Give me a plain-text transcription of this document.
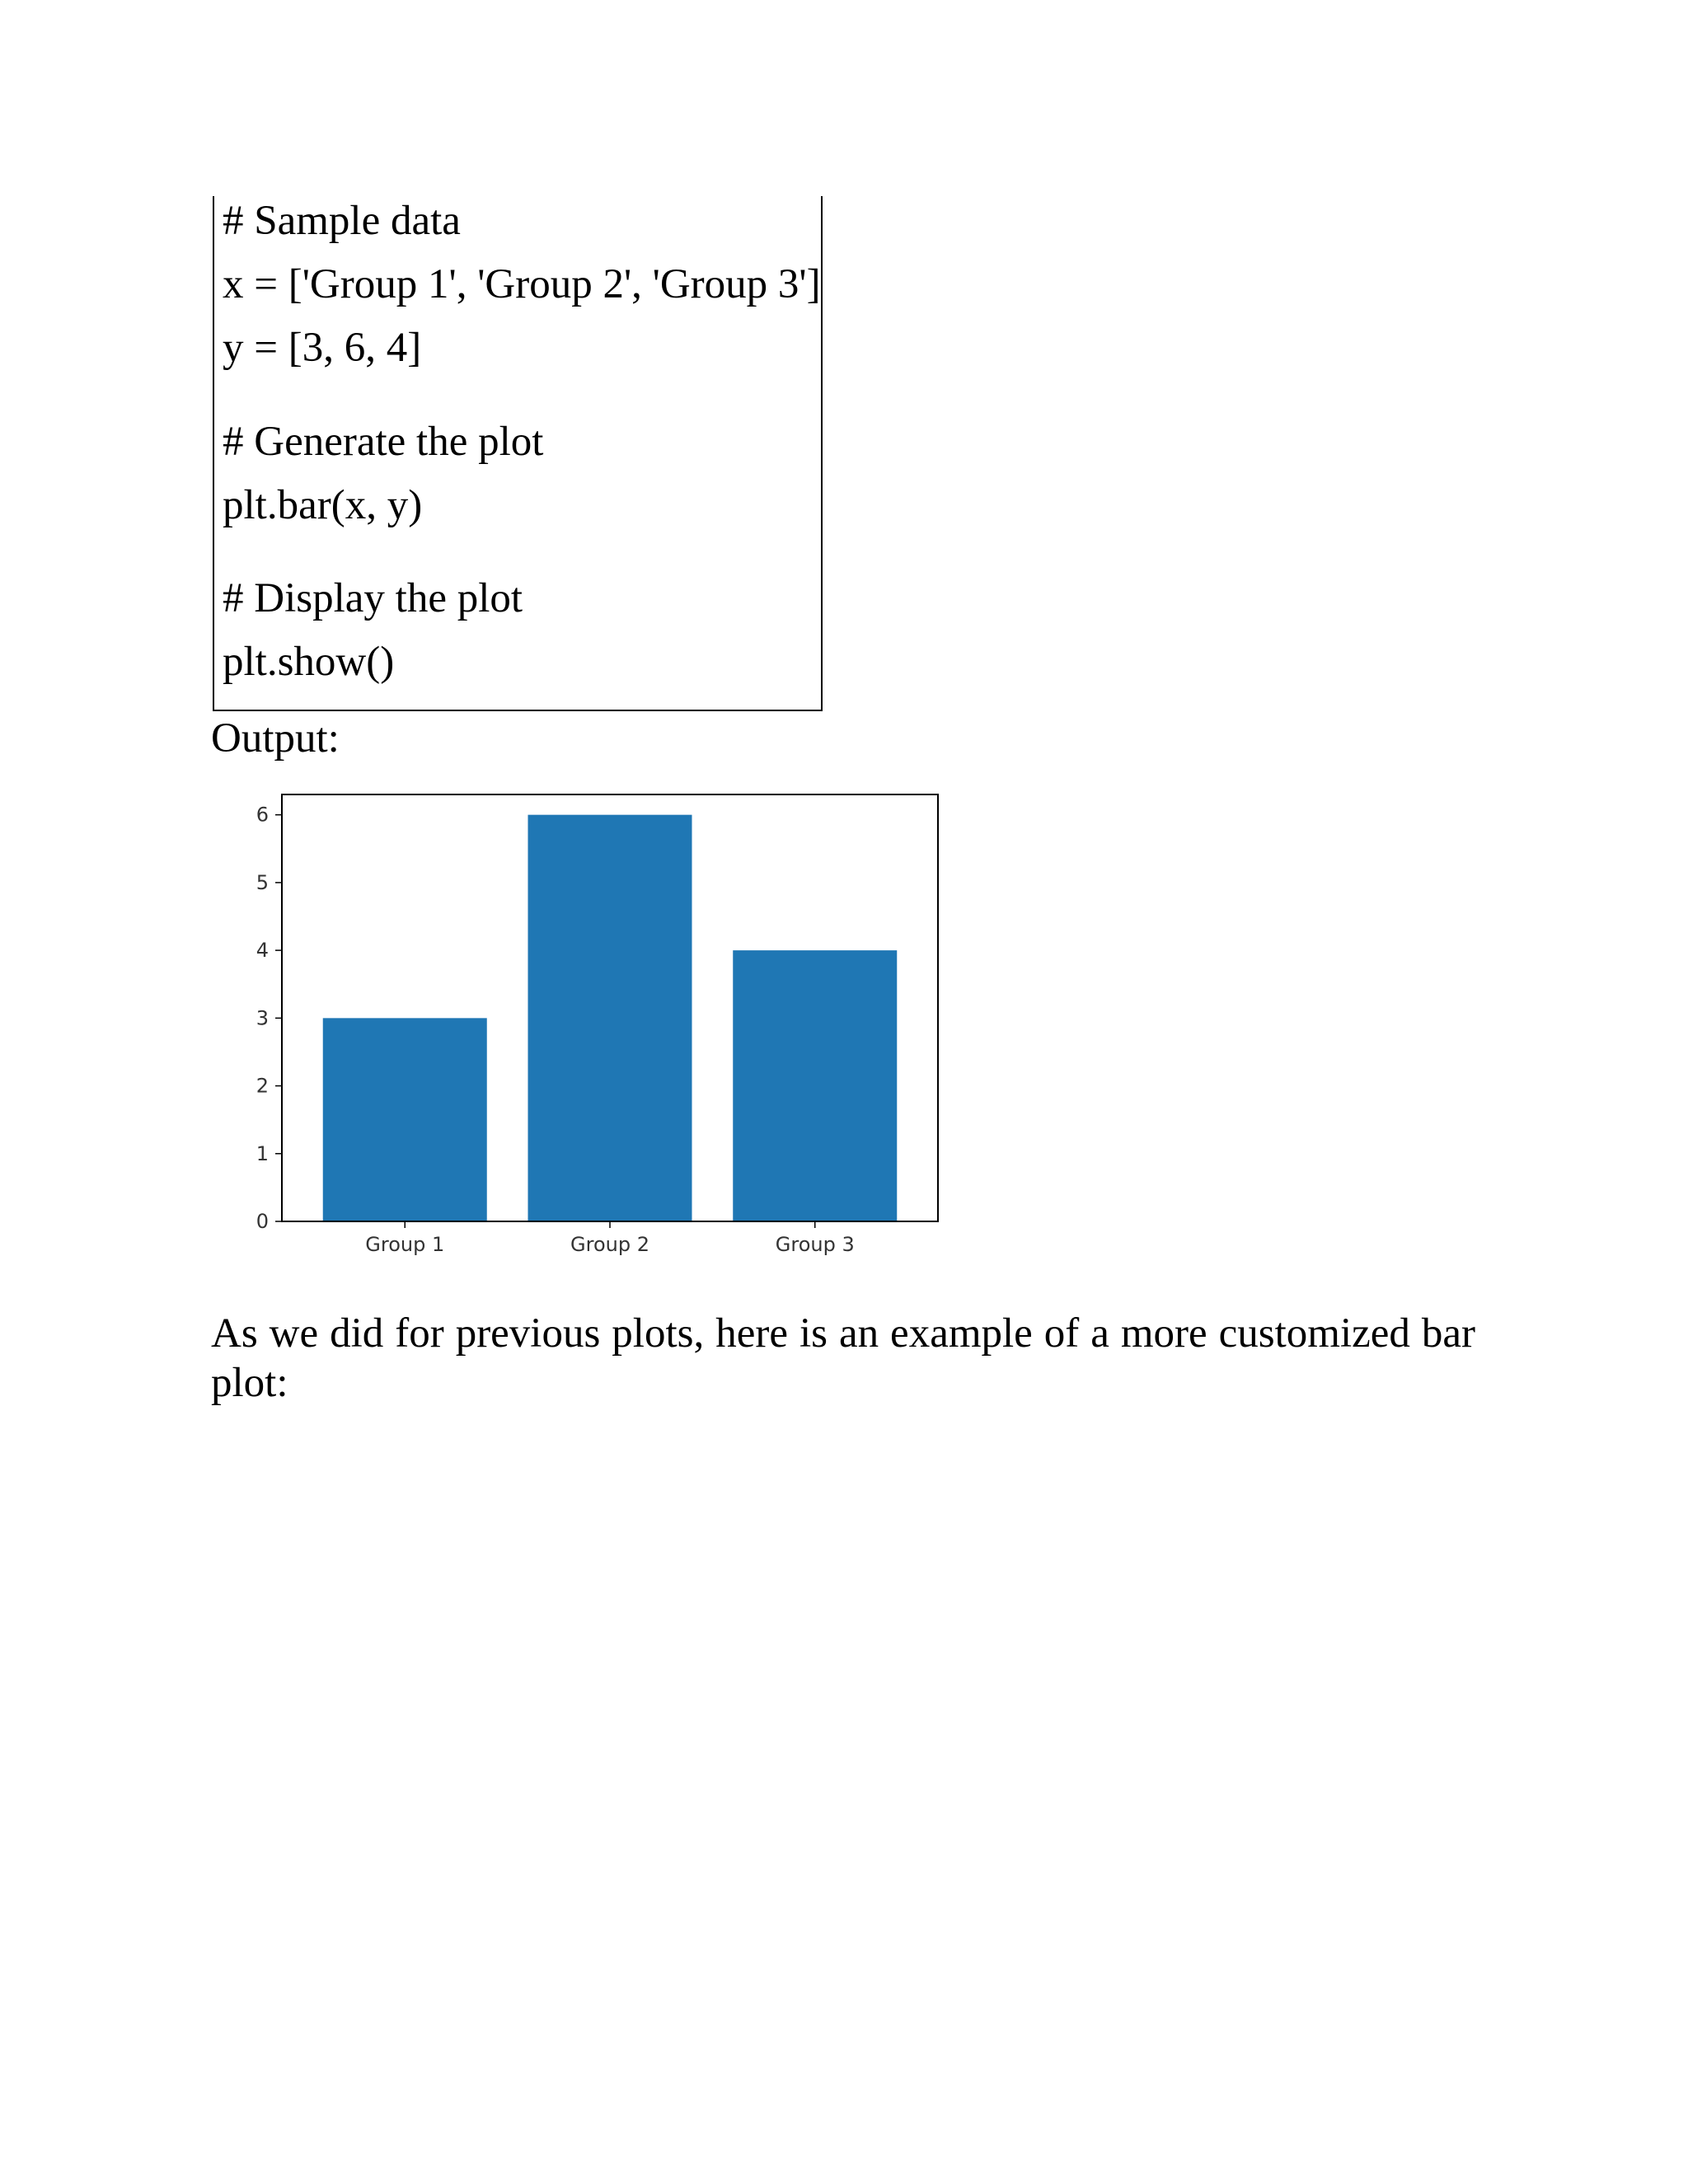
# Sample data
x = ['Group 1', 'Group 2', 'Group 3']
y = [3, 6, 4]
# Generate the plot
plt.bar(x, y)
# Display the plot
plt.show()
Output:
Group 1	Group 2	Group 3
0
1
2
3
4
5
6
As we did for previous plots, here is an example of a more customized bar plot:
